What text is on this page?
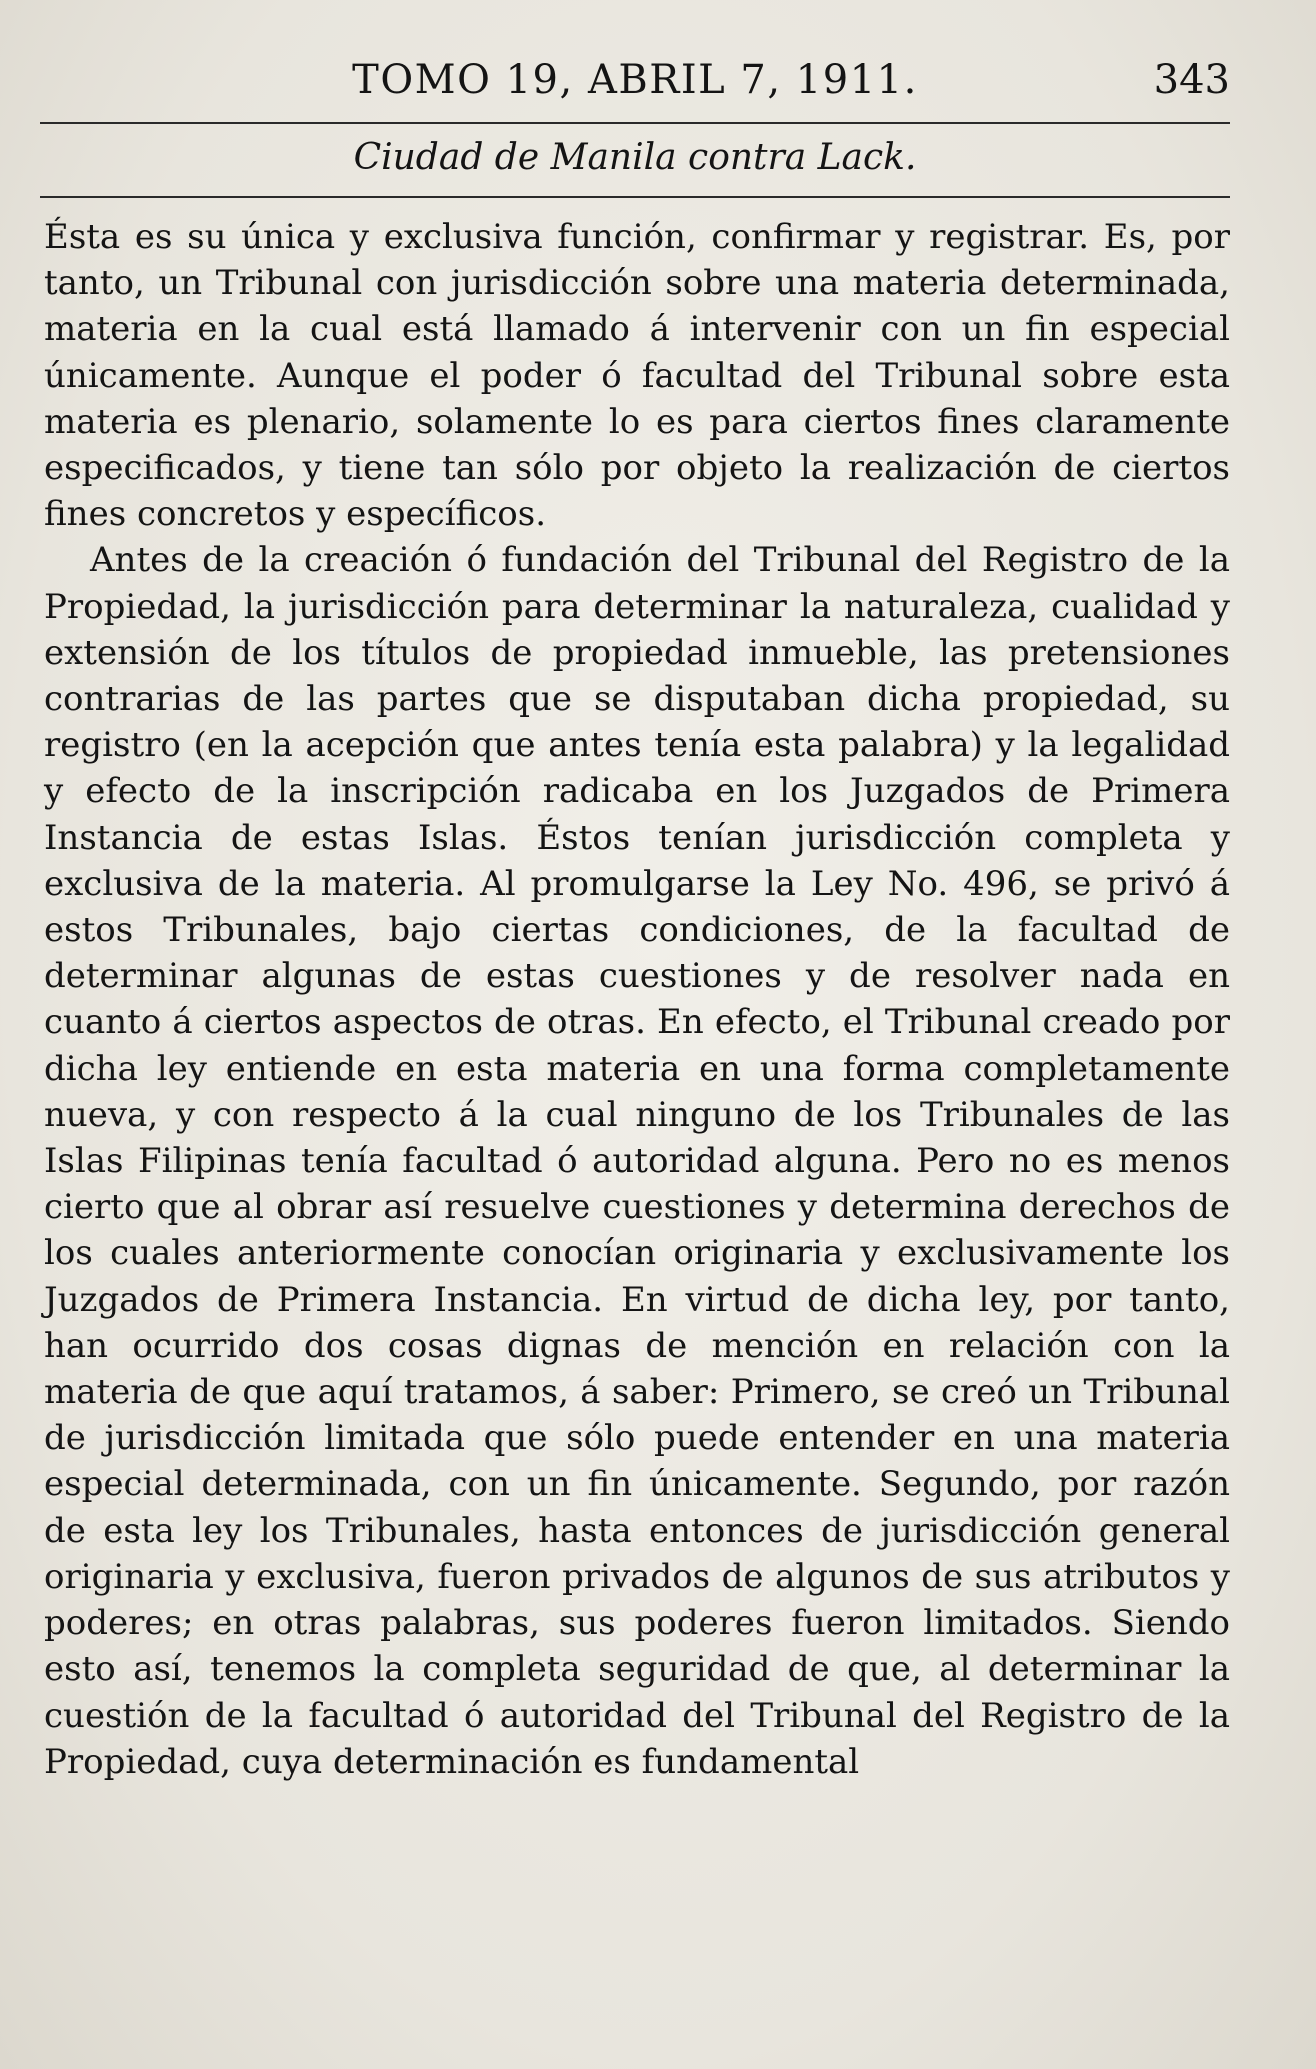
TOMO 19, ABRIL 7, 1911.	343
Ciudad de Manila contra Lack.

Ésta es su única y exclusiva función, confirmar y registrar. Es, por tanto, un Tribunal con jurisdicción sobre una materia determinada, materia en la cual está llamado á intervenir con un fin especial únicamente. Aunque el poder ó facultad del Tribunal sobre esta materia es plenario, solamente lo es para ciertos fines claramente especificados, y tiene tan sólo por objeto la realización de ciertos fines concretos y específicos.

Antes de la creación ó fundación del Tribunal del Registro de la Propiedad, la jurisdicción para determinar la naturaleza, cualidad y extensión de los títulos de propiedad inmueble, las pretensiones contrarias de las partes que se disputaban dicha propiedad, su registro (en la acepción que antes tenía esta palabra) y la legalidad y efecto de la inscripción radicaba en los Juzgados de Primera Instancia de estas Islas. Éstos tenían jurisdicción completa y exclusiva de la materia. Al promulgarse la Ley No. 496, se privó á estos Tribunales, bajo ciertas condiciones, de la facultad de determinar algunas de estas cuestiones y de resolver nada en cuanto á ciertos aspectos de otras. En efecto, el Tribunal creado por dicha ley entiende en esta materia en una forma completamente nueva, y con respecto á la cual ninguno de los Tribunales de las Islas Filipinas tenía facultad ó autoridad alguna. Pero no es menos cierto que al obrar así resuelve cuestiones y determina derechos de los cuales anteriormente conocían originaria y exclusivamente los Juzgados de Primera Instancia. En virtud de dicha ley, por tanto, han ocurrido dos cosas dignas de mención en relación con la materia de que aquí tratamos, á saber: Primero, se creó un Tribunal de jurisdicción limitada que sólo puede entender en una materia especial determinada, con un fin únicamente. Segundo, por razón de esta ley los Tribunales, hasta entonces de jurisdicción general originaria y exclusiva, fueron privados de algunos de sus atributos y poderes; en otras palabras, sus poderes fueron limitados. Siendo esto así, tenemos la completa seguridad de que, al determinar la cuestión de la facultad ó autoridad del Tribunal del Registro de la Propiedad, cuya determinación es fundamental
